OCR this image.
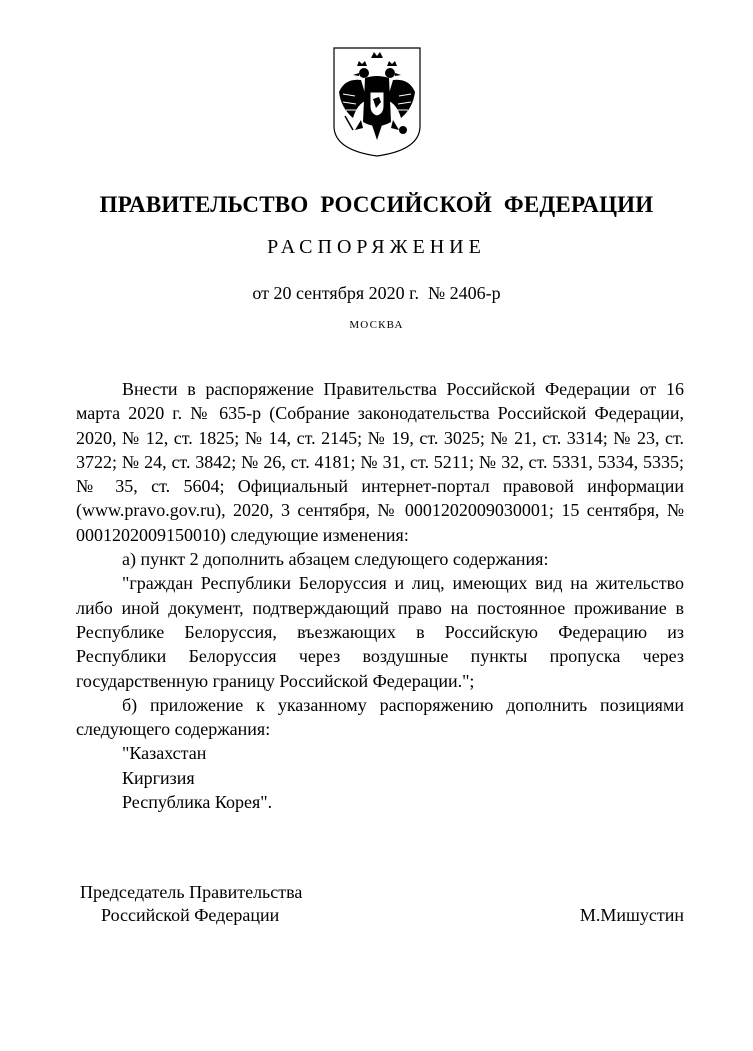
ПРАВИТЕЛЬСТВО РОССИЙСКОЙ ФЕДЕРАЦИИ
РАСПОРЯЖЕНИЕ
от 20 сентября 2020 г. № 2406-р
МОСКВА

Внести в распоряжение Правительства Российской Федерации от 16 марта 2020 г. № 635-р (Собрание законодательства Российской Федерации, 2020, № 12, ст. 1825; № 14, ст. 2145; № 19, ст. 3025; № 21, ст. 3314; № 23, ст. 3722; № 24, ст. 3842; № 26, ст. 4181; № 31, ст. 5211; № 32, ст. 5331, 5334, 5335; № 35, ст. 5604; Официальный интернет-портал правовой информации (www.pravo.gov.ru), 2020, 3 сентября, № 0001202009030001; 15 сентября, № 0001202009150010) следующие изменения:

а) пункт 2 дополнить абзацем следующего содержания:

"граждан Республики Белоруссия и лиц, имеющих вид на жительство либо иной документ, подтверждающий право на постоянное проживание в Республике Белоруссия, въезжающих в Российскую Федерацию из Республики Белоруссия через воздушные пункты пропуска через государственную границу Российской Федерации.";

б) приложение к указанному распоряжению дополнить позициями следующего содержания:

"Казахстан

Киргизия

Республика Корея".

Председатель Правительства
Российской Федерации	М.Мишустин
